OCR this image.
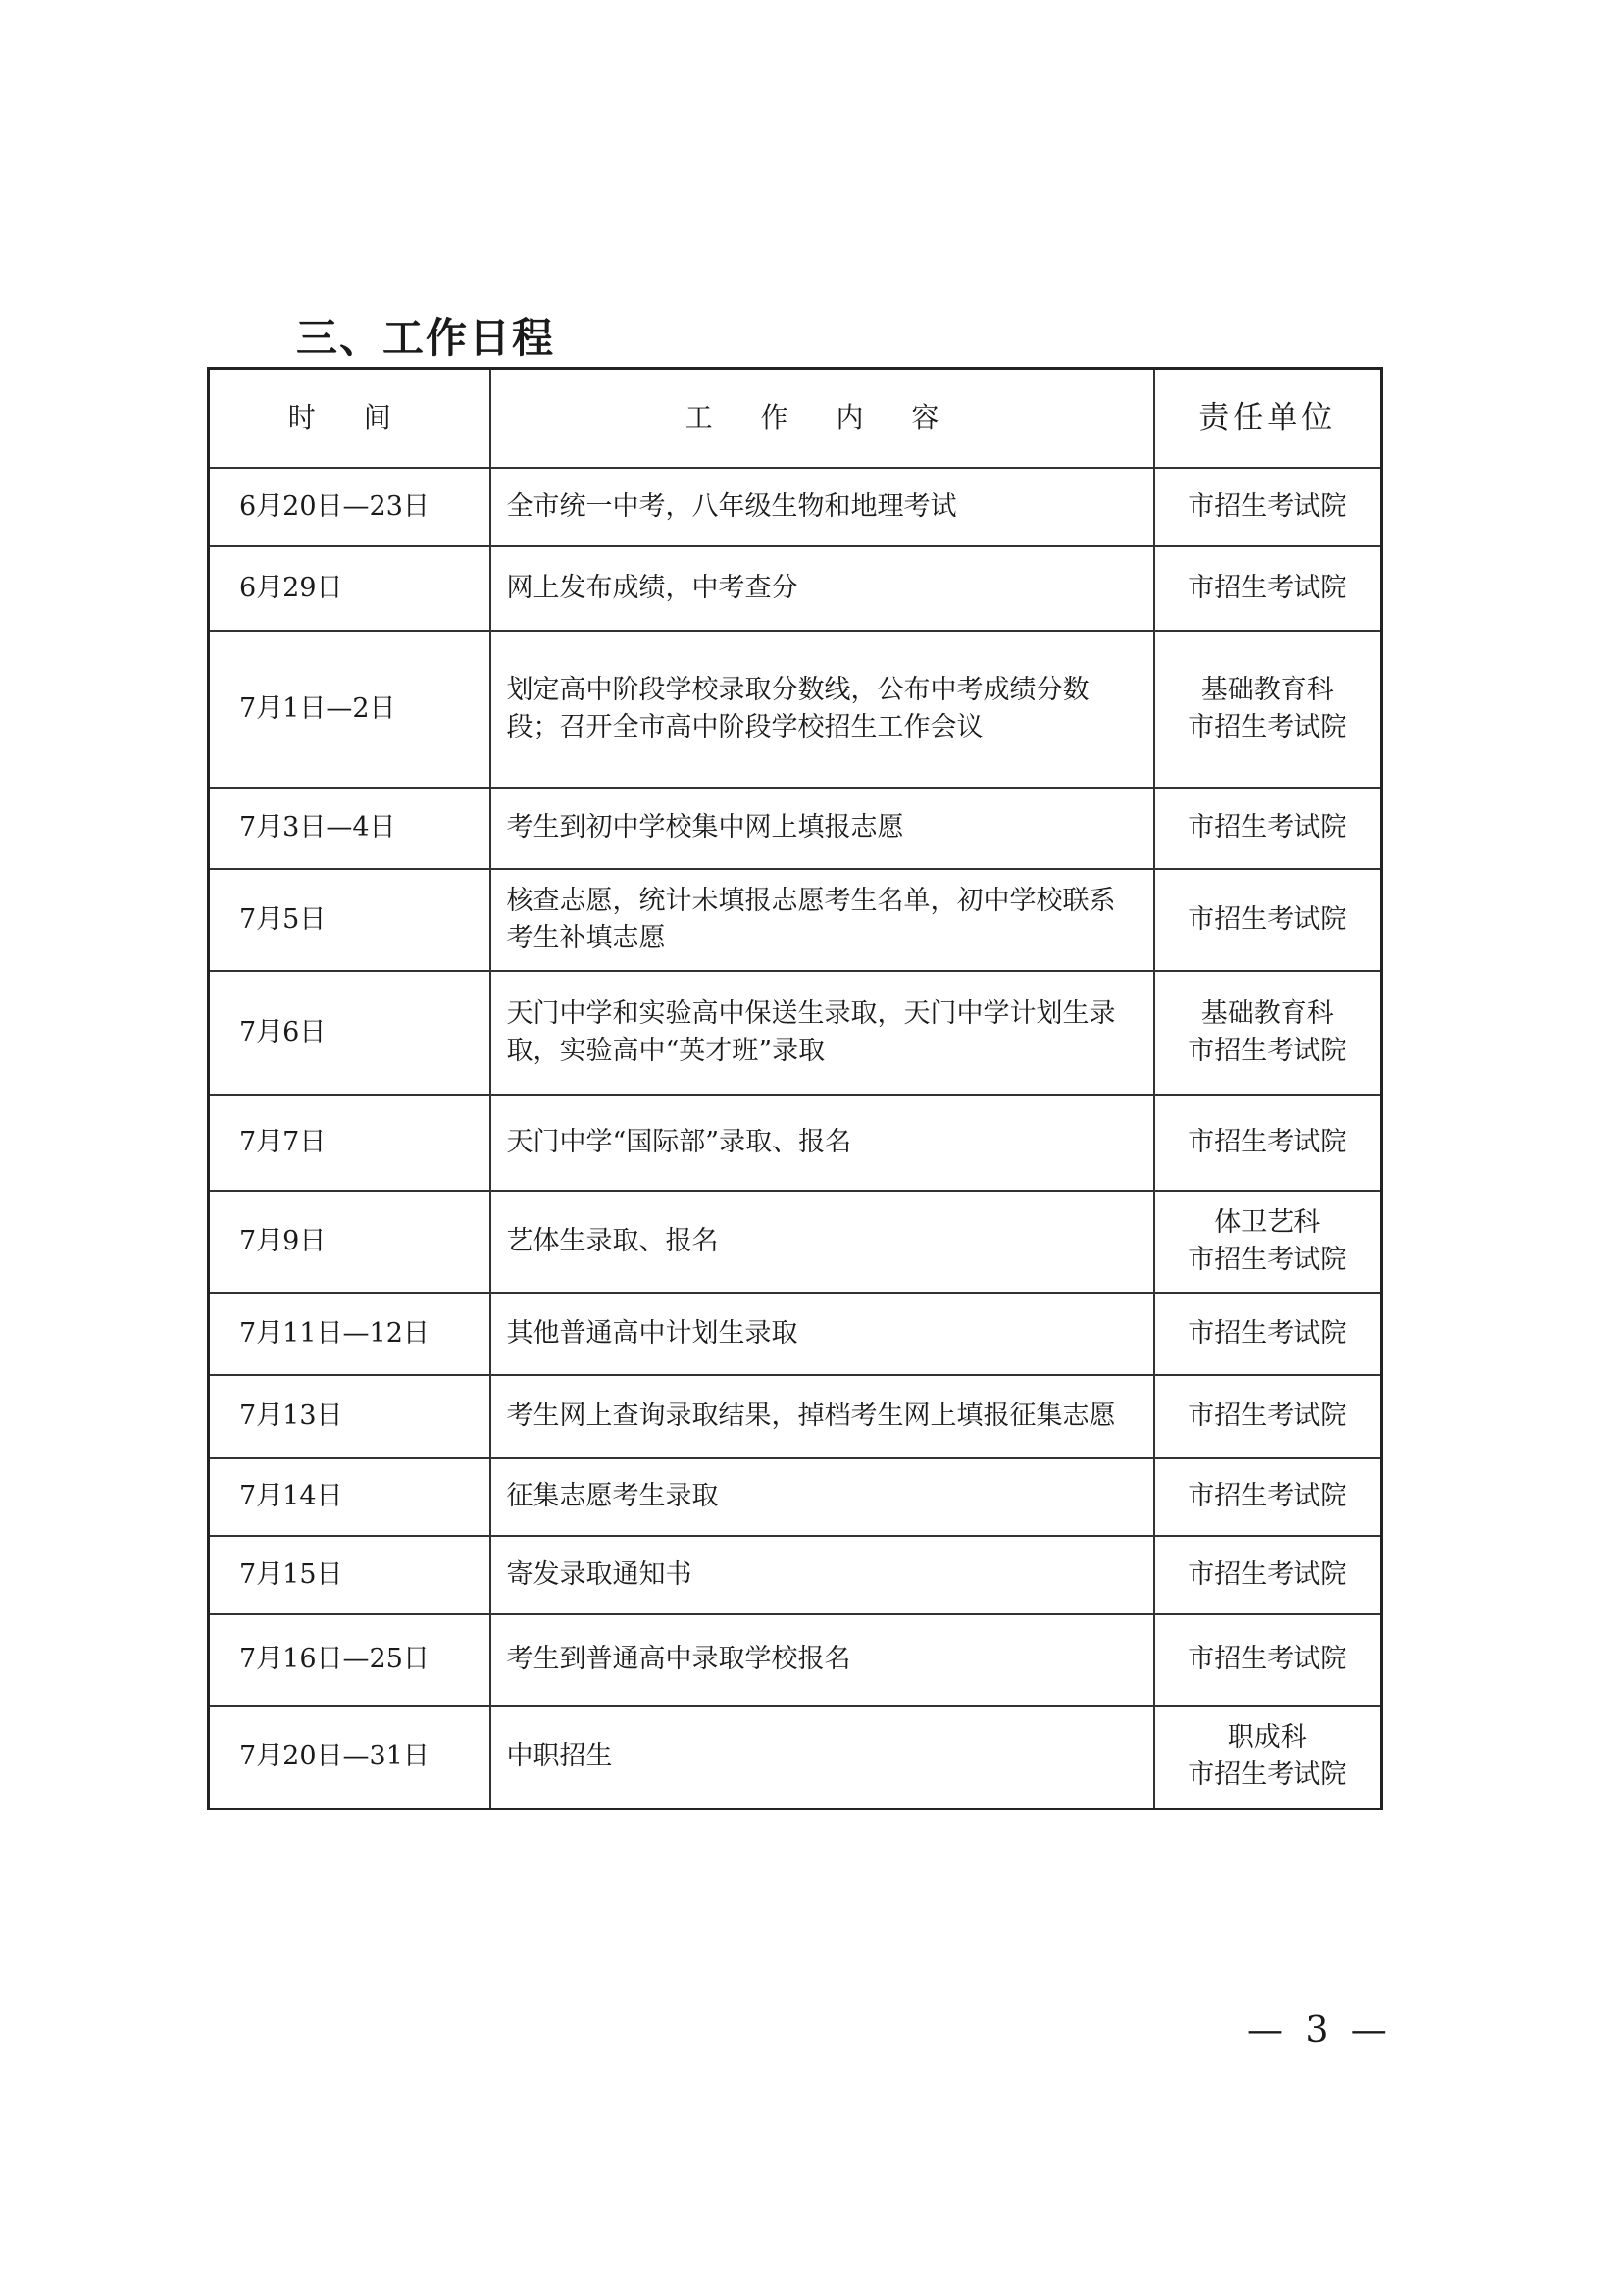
三、工作日程
时 间	工 作 内 容	责任单位
6月20日—23日	全市统一中考，八年级生物和地理考试	市招生考试院

6月29日	网上发布成绩，中考查分	市招生考试院

7月1日—2日	划定高中阶段学校录取分数线，公布中考成绩分数段；召开全市高中阶段学校招生工作会议	基础教育科
市招生考试院

7月3日—4日	考生到初中学校集中网上填报志愿	市招生考试院

7月5日	核查志愿，统计未填报志愿考生名单，初中学校联系考生补填志愿	市招生考试院

7月6日	天门中学和实验高中保送生录取，天门中学计划生录取，实验高中“英才班”录取	基础教育科
市招生考试院

7月7日	天门中学“国际部”录取、报名	市招生考试院

7月9日	艺体生录取、报名	体卫艺科
市招生考试院

7月11日—12日	其他普通高中计划生录取	市招生考试院

7月13日	考生网上查询录取结果，掉档考生网上填报征集志愿	市招生考试院

7月14日	征集志愿考生录取	市招生考试院

7月15日	寄发录取通知书	市招生考试院

7月16日—25日	考生到普通高中录取学校报名	市招生考试院

7月20日—31日	中职招生	职成科
市招生考试院
— 3 —
